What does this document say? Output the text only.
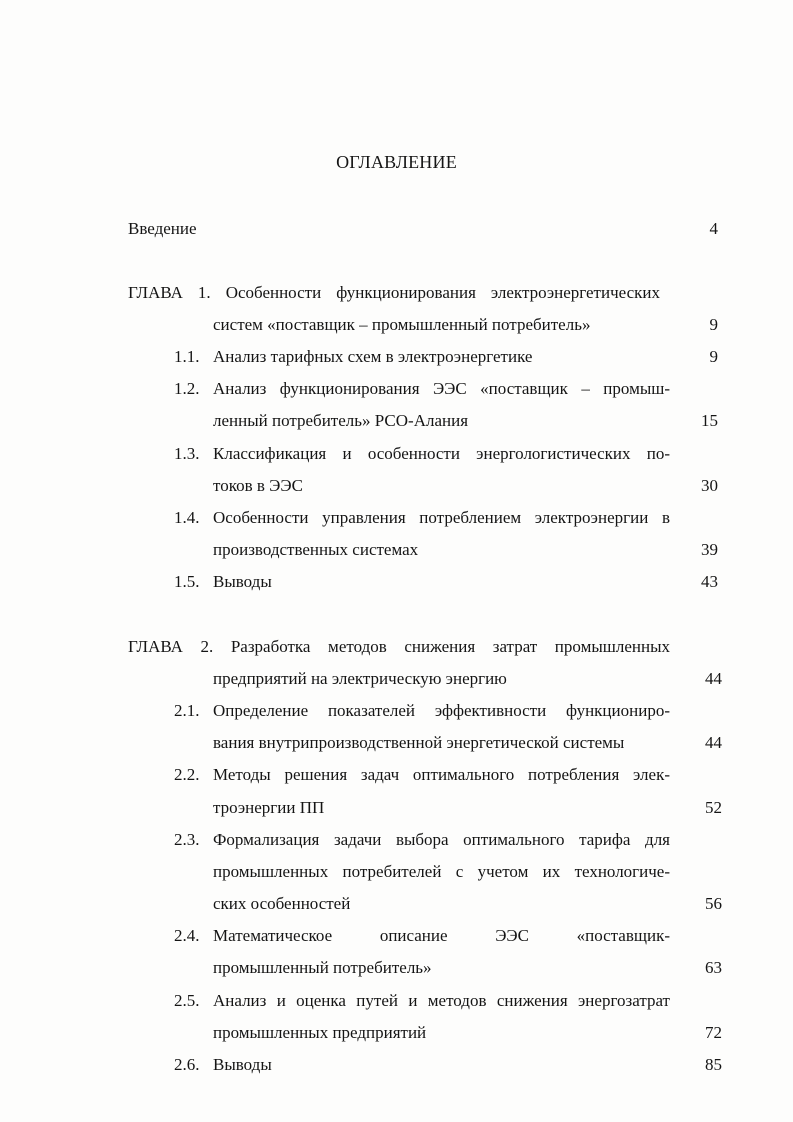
ОГЛАВЛЕНИЕ
Введение	4
ГЛАВА 1. Особенности функционирования электроэнергетических
систем «поставщик – промышленный потребитель»	9
1.1. Анализ тарифных схем в электроэнергетике	9
1.2. Анализ функционирования ЭЭС «поставщик – промыш-
ленный потребитель» РСО-Алания	15
1.3. Классификация и особенности энергологистических по-
токов в ЭЭС	30
1.4. Особенности управления потреблением электроэнергии в
производственных системах	39
1.5. Выводы	43
ГЛАВА 2. Разработка методов снижения затрат промышленных
предприятий на электрическую энергию	44
2.1. Определение показателей эффективности функциониро-
вания внутрипроизводственной энергетической системы	44
2.2. Методы решения задач оптимального потребления элек-
троэнергии ПП	52
2.3. Формализация задачи выбора оптимального тарифа для
промышленных потребителей с учетом их технологиче-
ских особенностей	56
2.4. Математическое описание ЭЭС «поставщик-
промышленный потребитель»	63
2.5. Анализ и оценка путей и методов снижения энергозатрат
промышленных предприятий	72
2.6. Выводы	85
